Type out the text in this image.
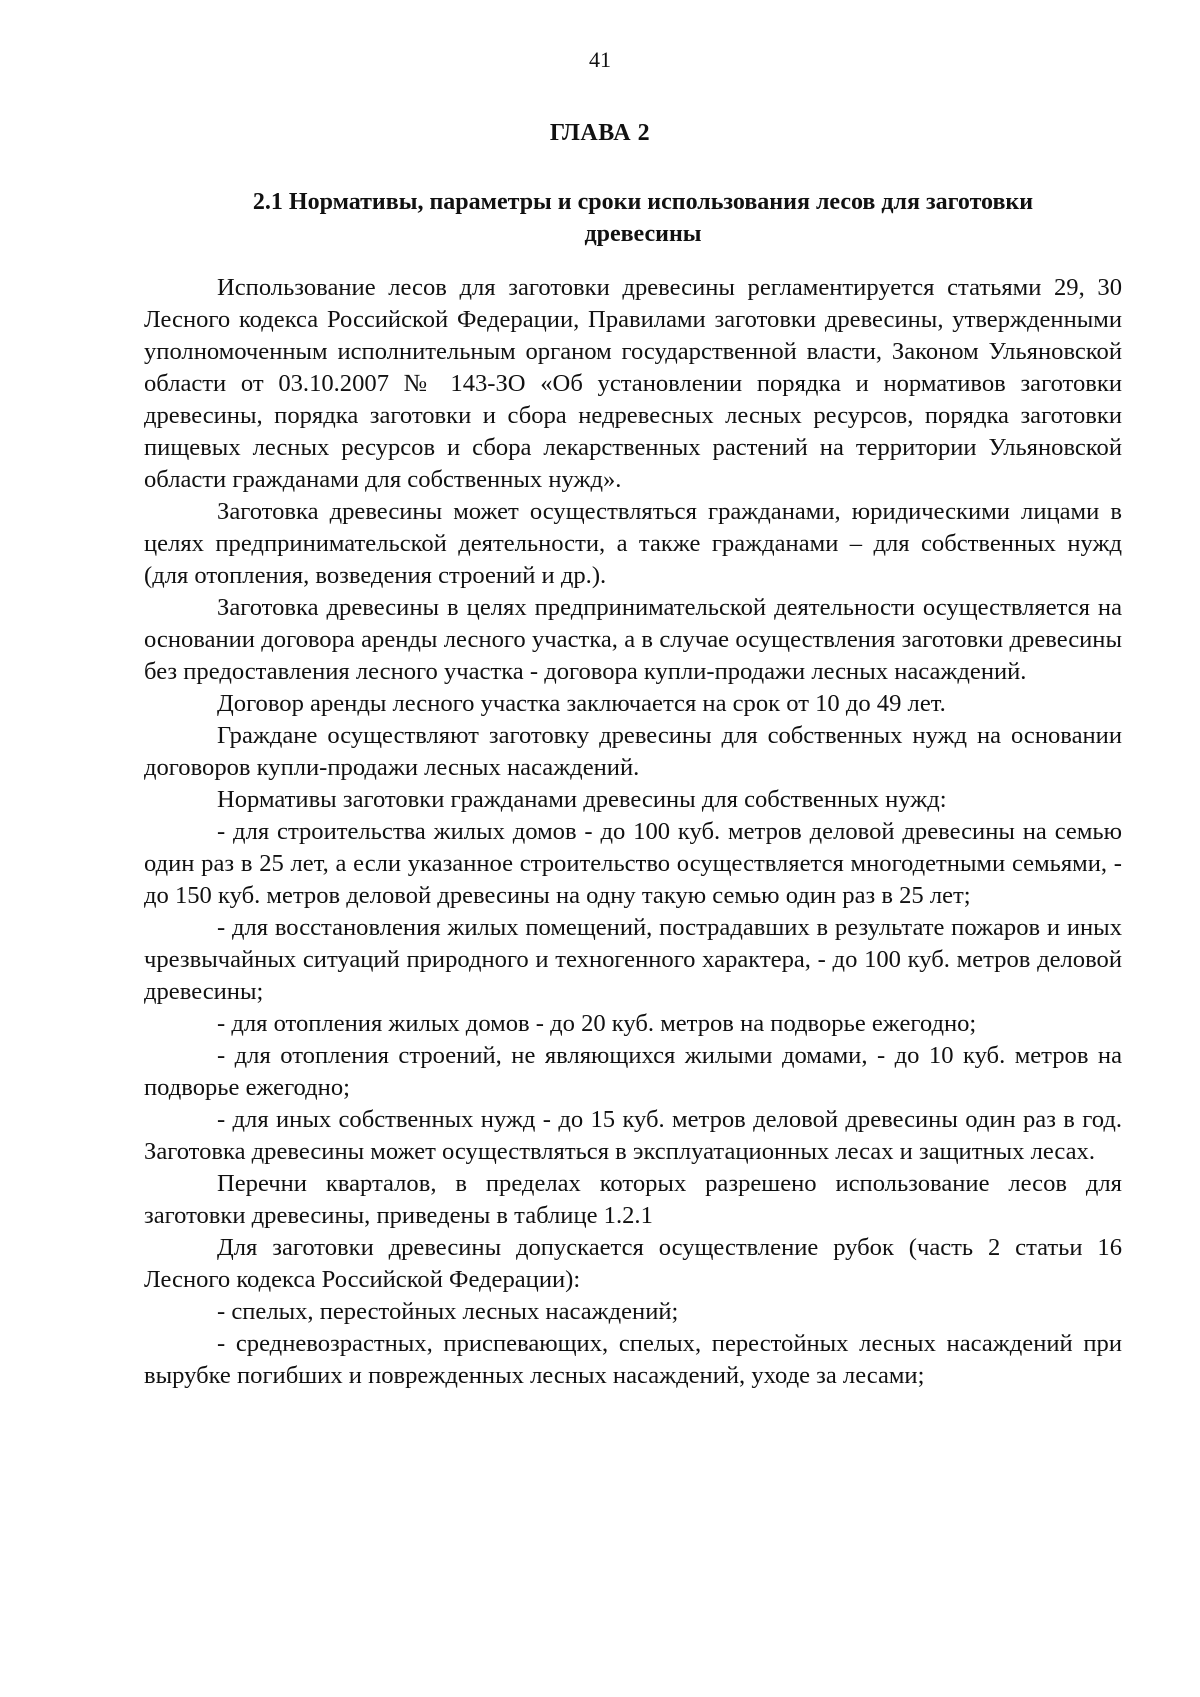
41
ГЛАВА 2
2.1 Нормативы, параметры и сроки использования лесов для заготовки древесины

Использование лесов для заготовки древесины регламентируется статьями 29, 30 Лесного кодекса Российской Федерации, Правилами заготовки древесины, утвержденными уполномоченным исполнительным органом государственной власти, Законом Ульяновской области от 03.10.2007 № 143-ЗО «Об установлении порядка и нормативов заготовки древесины, порядка заготовки и сбора недревесных лесных ресурсов, порядка заготовки пищевых лесных ресурсов и сбора лекарственных растений на территории Ульяновской области гражданами для собственных нужд».

Заготовка древесины может осуществляться гражданами, юридическими лицами в целях предпринимательской деятельности, а также гражданами – для собственных нужд (для отопления, возведения строений и др.).

Заготовка древесины в целях предпринимательской деятельности осуществляется на основании договора аренды лесного участка, а в случае осуществления заготовки древесины без предоставления лесного участка - договора купли-продажи лесных насаждений.

Договор аренды лесного участка заключается на срок от 10 до 49 лет.

Граждане осуществляют заготовку древесины для собственных нужд на основании договоров купли-продажи лесных насаждений.

Нормативы заготовки гражданами древесины для собственных нужд:

- для строительства жилых домов - до 100 куб. метров деловой древесины на семью один раз в 25 лет, а если указанное строительство осуществляется многодетными семьями, - до 150 куб. метров деловой древесины на одну такую семью один раз в 25 лет;

- для восстановления жилых помещений, пострадавших в результате пожаров и иных чрезвычайных ситуаций природного и техногенного характера, - до 100 куб. метров деловой древесины;

- для отопления жилых домов - до 20 куб. метров на подворье ежегодно;

- для отопления строений, не являющихся жилыми домами, - до 10 куб. метров на подворье ежегодно;

- для иных собственных нужд - до 15 куб. метров деловой древесины один раз в год. Заготовка древесины может осуществляться в эксплуатационных лесах и защитных лесах.

Перечни кварталов, в пределах которых разрешено использование лесов для заготовки древесины, приведены в таблице 1.2.1

Для заготовки древесины допускается осуществление рубок (часть 2 статьи 16 Лесного кодекса Российской Федерации):

- спелых, перестойных лесных насаждений;

- средневозрастных, приспевающих, спелых, перестойных лесных насаждений при вырубке погибших и поврежденных лесных насаждений, уходе за лесами;
